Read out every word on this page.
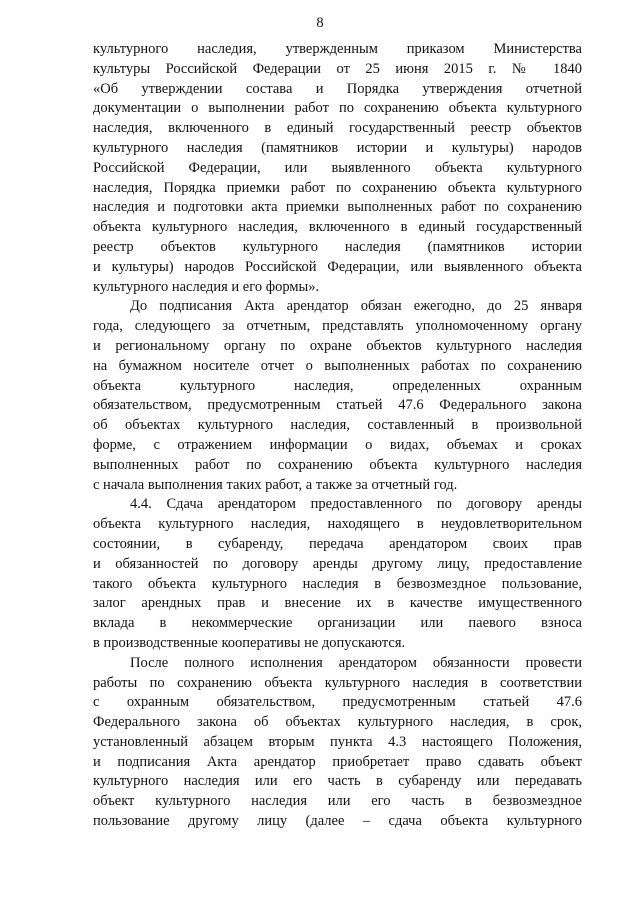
8

культурного наследия, утвержденным приказом Министерства
культуры Российской Федерации от 25 июня 2015 г. № 1840
«Об утверждении состава и Порядка утверждения отчетной
документации о выполнении работ по сохранению объекта культурного
наследия, включенного в единый государственный реестр объектов
культурного наследия (памятников истории и культуры) народов
Российской Федерации, или выявленного объекта культурного
наследия, Порядка приемки работ по сохранению объекта культурного
наследия и подготовки акта приемки выполненных работ по сохранению
объекта культурного наследия, включенного в единый государственный
реестр объектов культурного наследия (памятников истории
и культуры) народов Российской Федерации, или выявленного объекта
культурного наследия и его формы».

До подписания Акта арендатор обязан ежегодно, до 25 января
года, следующего за отчетным, представлять уполномоченному органу
и региональному органу по охране объектов культурного наследия
на бумажном носителе отчет о выполненных работах по сохранению
объекта культурного наследия, определенных охранным
обязательством, предусмотренным статьей 47.6 Федерального закона
об объектах культурного наследия, составленный в произвольной
форме, с отражением информации о видах, объемах и сроках
выполненных работ по сохранению объекта культурного наследия
с начала выполнения таких работ, а также за отчетный год.

4.4. Сдача арендатором предоставленного по договору аренды
объекта культурного наследия, находящего в неудовлетворительном
состоянии, в субаренду, передача арендатором своих прав
и обязанностей по договору аренды другому лицу, предоставление
такого объекта культурного наследия в безвозмездное пользование,
залог арендных прав и внесение их в качестве имущественного
вклада в некоммерческие организации или паевого взноса
в производственные кооперативы не допускаются.

После полного исполнения арендатором обязанности провести
работы по сохранению объекта культурного наследия в соответствии
с охранным обязательством, предусмотренным статьей 47.6
Федерального закона об объектах культурного наследия, в срок,
установленный абзацем вторым пункта 4.3 настоящего Положения,
и подписания Акта арендатор приобретает право сдавать объект
культурного наследия или его часть в субаренду или передавать
объект культурного наследия или его часть в безвозмездное
пользование другому лицу (далее – сдача объекта культурного
